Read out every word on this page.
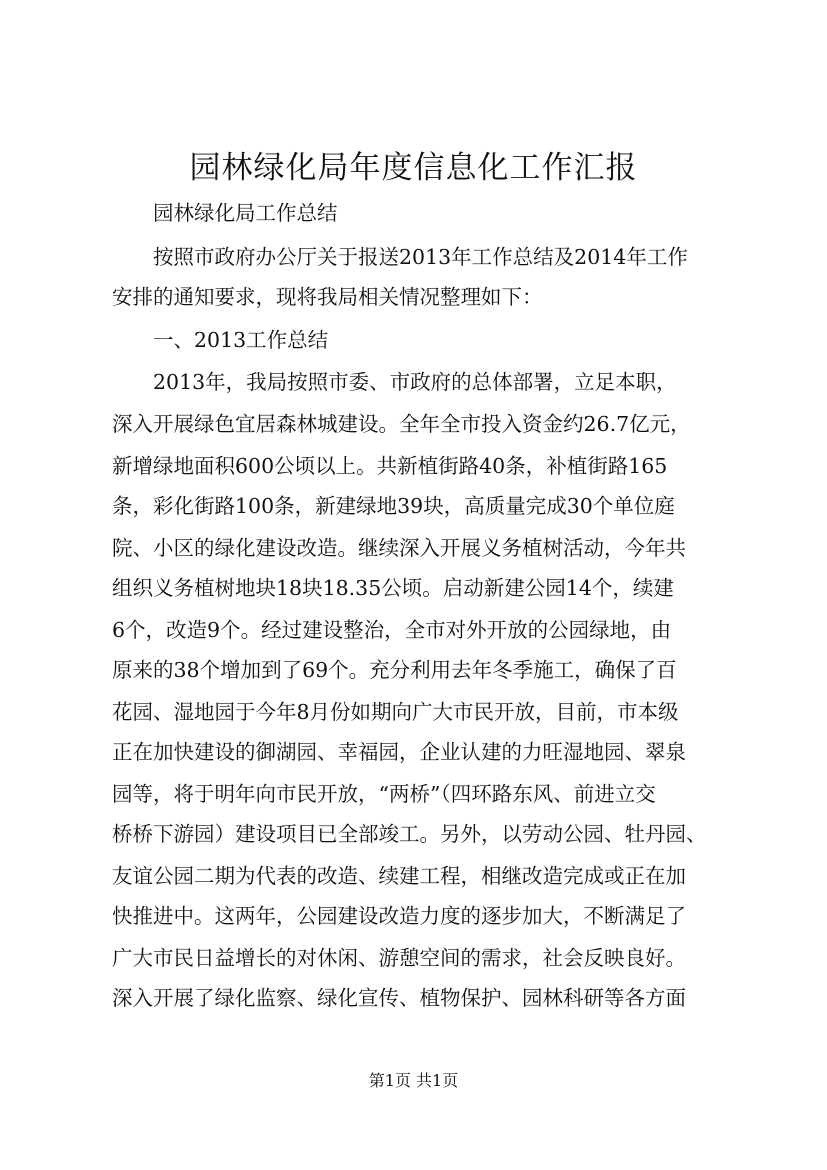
园林绿化局年度信息化工作汇报
园林绿化局工作总结
按照市政府办公厅关于报送2013年工作总结及2014年工作
安排的通知要求，现将我局相关情况整理如下：
一、2013工作总结
2013年，我局按照市委、市政府的总体部署，立足本职，
深入开展绿色宜居森林城建设。全年全市投入资金约26.7亿元，
新增绿地面积600公顷以上。共新植街路40条，补植街路165
条，彩化街路100条，新建绿地39块，高质量完成30个单位庭
院、小区的绿化建设改造。继续深入开展义务植树活动，今年共
组织义务植树地块18块18.35公顷。启动新建公园14个，续建
6个，改造9个。经过建设整治，全市对外开放的公园绿地，由
原来的38个增加到了69个。充分利用去年冬季施工，确保了百
花园、湿地园于今年8月份如期向广大市民开放，目前，市本级
正在加快建设的御湖园、幸福园，企业认建的力旺湿地园、翠泉
园等，将于明年向市民开放，“两桥”（四环路东风、前进立交
桥桥下游园）建设项目已全部竣工。另外，以劳动公园、牡丹园、
友谊公园二期为代表的改造、续建工程，相继改造完成或正在加
快推进中。这两年，公园建设改造力度的逐步加大，不断满足了
广大市民日益增长的对休闲、游憩空间的需求，社会反映良好。
深入开展了绿化监察、绿化宣传、植物保护、园林科研等各方面
第1页 共1页
